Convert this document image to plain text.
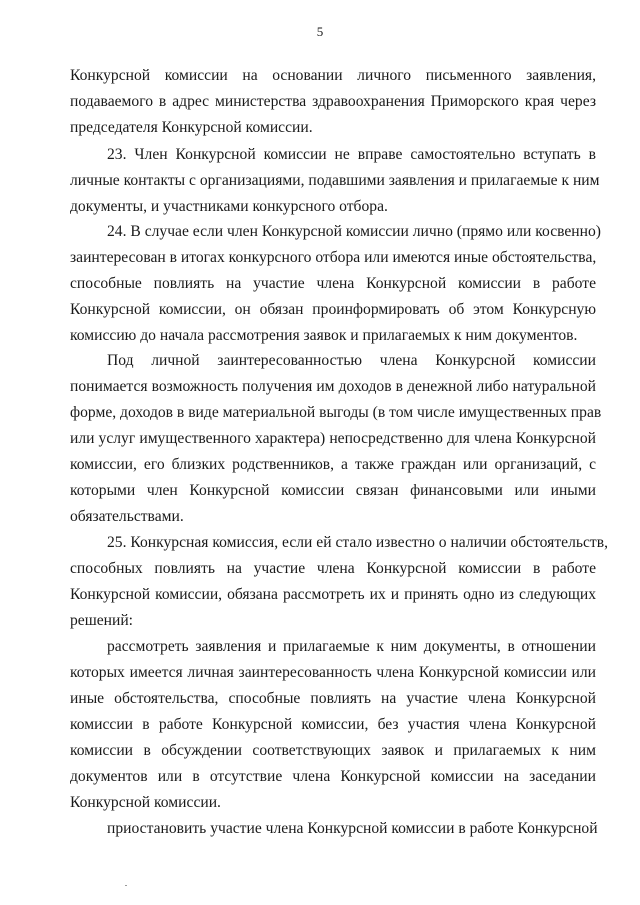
5
Конкурсной комиссии на основании личного письменного заявления,
подаваемого в адрес министерства здравоохранения Приморского края через
председателя Конкурсной комиссии.
23. Член Конкурсной комиссии не вправе самостоятельно вступать в
личные контакты с организациями, подавшими заявления и прилагаемые к ним
документы, и участниками конкурсного отбора.
24. В случае если член Конкурсной комиссии лично (прямо или косвенно)
заинтересован в итогах конкурсного отбора или имеются иные обстоятельства,
способные повлиять на участие члена Конкурсной комиссии в работе
Конкурсной комиссии, он обязан проинформировать об этом Конкурсную
комиссию до начала рассмотрения заявок и прилагаемых к ним документов.
Под личной заинтересованностью члена Конкурсной комиссии
понимается возможность получения им доходов в денежной либо натуральной
форме, доходов в виде материальной выгоды (в том числе имущественных прав
или услуг имущественного характера) непосредственно для члена Конкурсной
комиссии, его близких родственников, а также граждан или организаций, с
которыми член Конкурсной комиссии связан финансовыми или иными
обязательствами.
25. Конкурсная комиссия, если ей стало известно о наличии обстоятельств,
способных повлиять на участие члена Конкурсной комиссии в работе
Конкурсной комиссии, обязана рассмотреть их и принять одно из следующих
решений:
рассмотреть заявления и прилагаемые к ним документы, в отношении
которых имеется личная заинтересованность члена Конкурсной комиссии или
иные обстоятельства, способные повлиять на участие члена Конкурсной
комиссии в работе Конкурсной комиссии, без участия члена Конкурсной
комиссии в обсуждении соответствующих заявок и прилагаемых к ним
документов или в отсутствие члена Конкурсной комиссии на заседании
Конкурсной комиссии.
приостановить участие члена Конкурсной комиссии в работе Конкурсной
